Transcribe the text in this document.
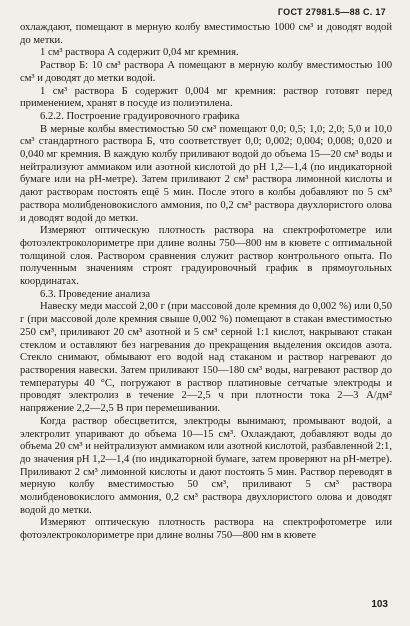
ГОСТ 27981.5—88 С. 17

охлаждают, помещают в мерную колбу вместимостью 1000 см³ и доводят водой до метки.

1 см³ раствора А содержит 0,04 мг кремния.

Раствор Б: 10 см³ раствора А помещают в мерную колбу вместимостью 100 см³ и доводят до метки водой.

1 см³ раствора Б содержит 0,004 мг кремния: раствор готовят перед применением, хранят в посуде из полиэтилена.

6.2.2. Построение градуировочного графика

В мерные колбы вместимостью 50 см³ помещают 0,0; 0,5; 1,0; 2,0; 5,0 и 10,0 см³ стандартного раствора Б, что соответствует 0,0; 0,002; 0,004; 0,008; 0,020 и 0,040 мг кремния. В каждую колбу приливают водой до объема 15—20 см³ воды и нейтрализуют аммиаком или азотной кислотой до рН 1,2—1,4 (по индикаторной бумаге или на рН-метре). Затем приливают 2 см³ раствора лимонной кислоты и дают растворам постоять ещё 5 мин. После этого в колбы добавляют по 5 см³ раствора молибденовокислого аммония, по 0,2 см³ раствора двухлористого олова и доводят водой до метки.

Измеряют оптическую плотность раствора на спектрофотометре или фотоэлектроколориметре при длине волны 750—800 нм в кювете с оптимальной толщиной слоя. Раствором сравнения служит раствор контрольного опыта. По полученным значениям строят градуировочный график в прямоугольных координатах.

6.3. Проведение анализа

Навеску меди массой 2,00 г (при массовой доле кремния до 0,002 %) или 0,50 г (при массовой доле кремния свыше 0,002 %) помещают в стакан вместимостью 250 см³, приливают 20 см³ азотной и 5 см³ серной 1:1 кислот, накрывают стакан стеклом и оставляют без нагревания до прекращения выделения оксидов азота. Стекло снимают, обмывают его водой над стаканом и раствор нагревают до растворения навески. Затем приливают 150—180 см³ воды, нагревают раствор до температуры 40 °С, погружают в раствор платиновые сетчатые электроды и проводят электролиз в течение 2—2,5 ч при плотности тока 2—3 А/дм² напряжение 2,2—2,5 В при перемешивании.

Когда раствор обесцветится, электроды вынимают, промывают водой, а электролит упаривают до объема 10—15 см³. Охлаждают, добавляют воды до объема 20 см³ и нейтрализуют аммиаком или азотной кислотой, разбавленной 2:1, до значения рН 1,2—1,4 (по индикаторной бумаге, затем проверяют на рН-метре). Приливают 2 см³ лимонной кислоты и дают постоять 5 мин. Раствор переводят в мерную колбу вместимостью 50 см³, приливают 5 см³ раствора молибденовокислого аммония, 0,2 см³ раствора двухлористого олова и доводят водой до метки.

Измеряют оптическую плотность раствора на спектрофотометре или фотоэлектроколориметре при длине волны 750—800 нм в кювете

103
